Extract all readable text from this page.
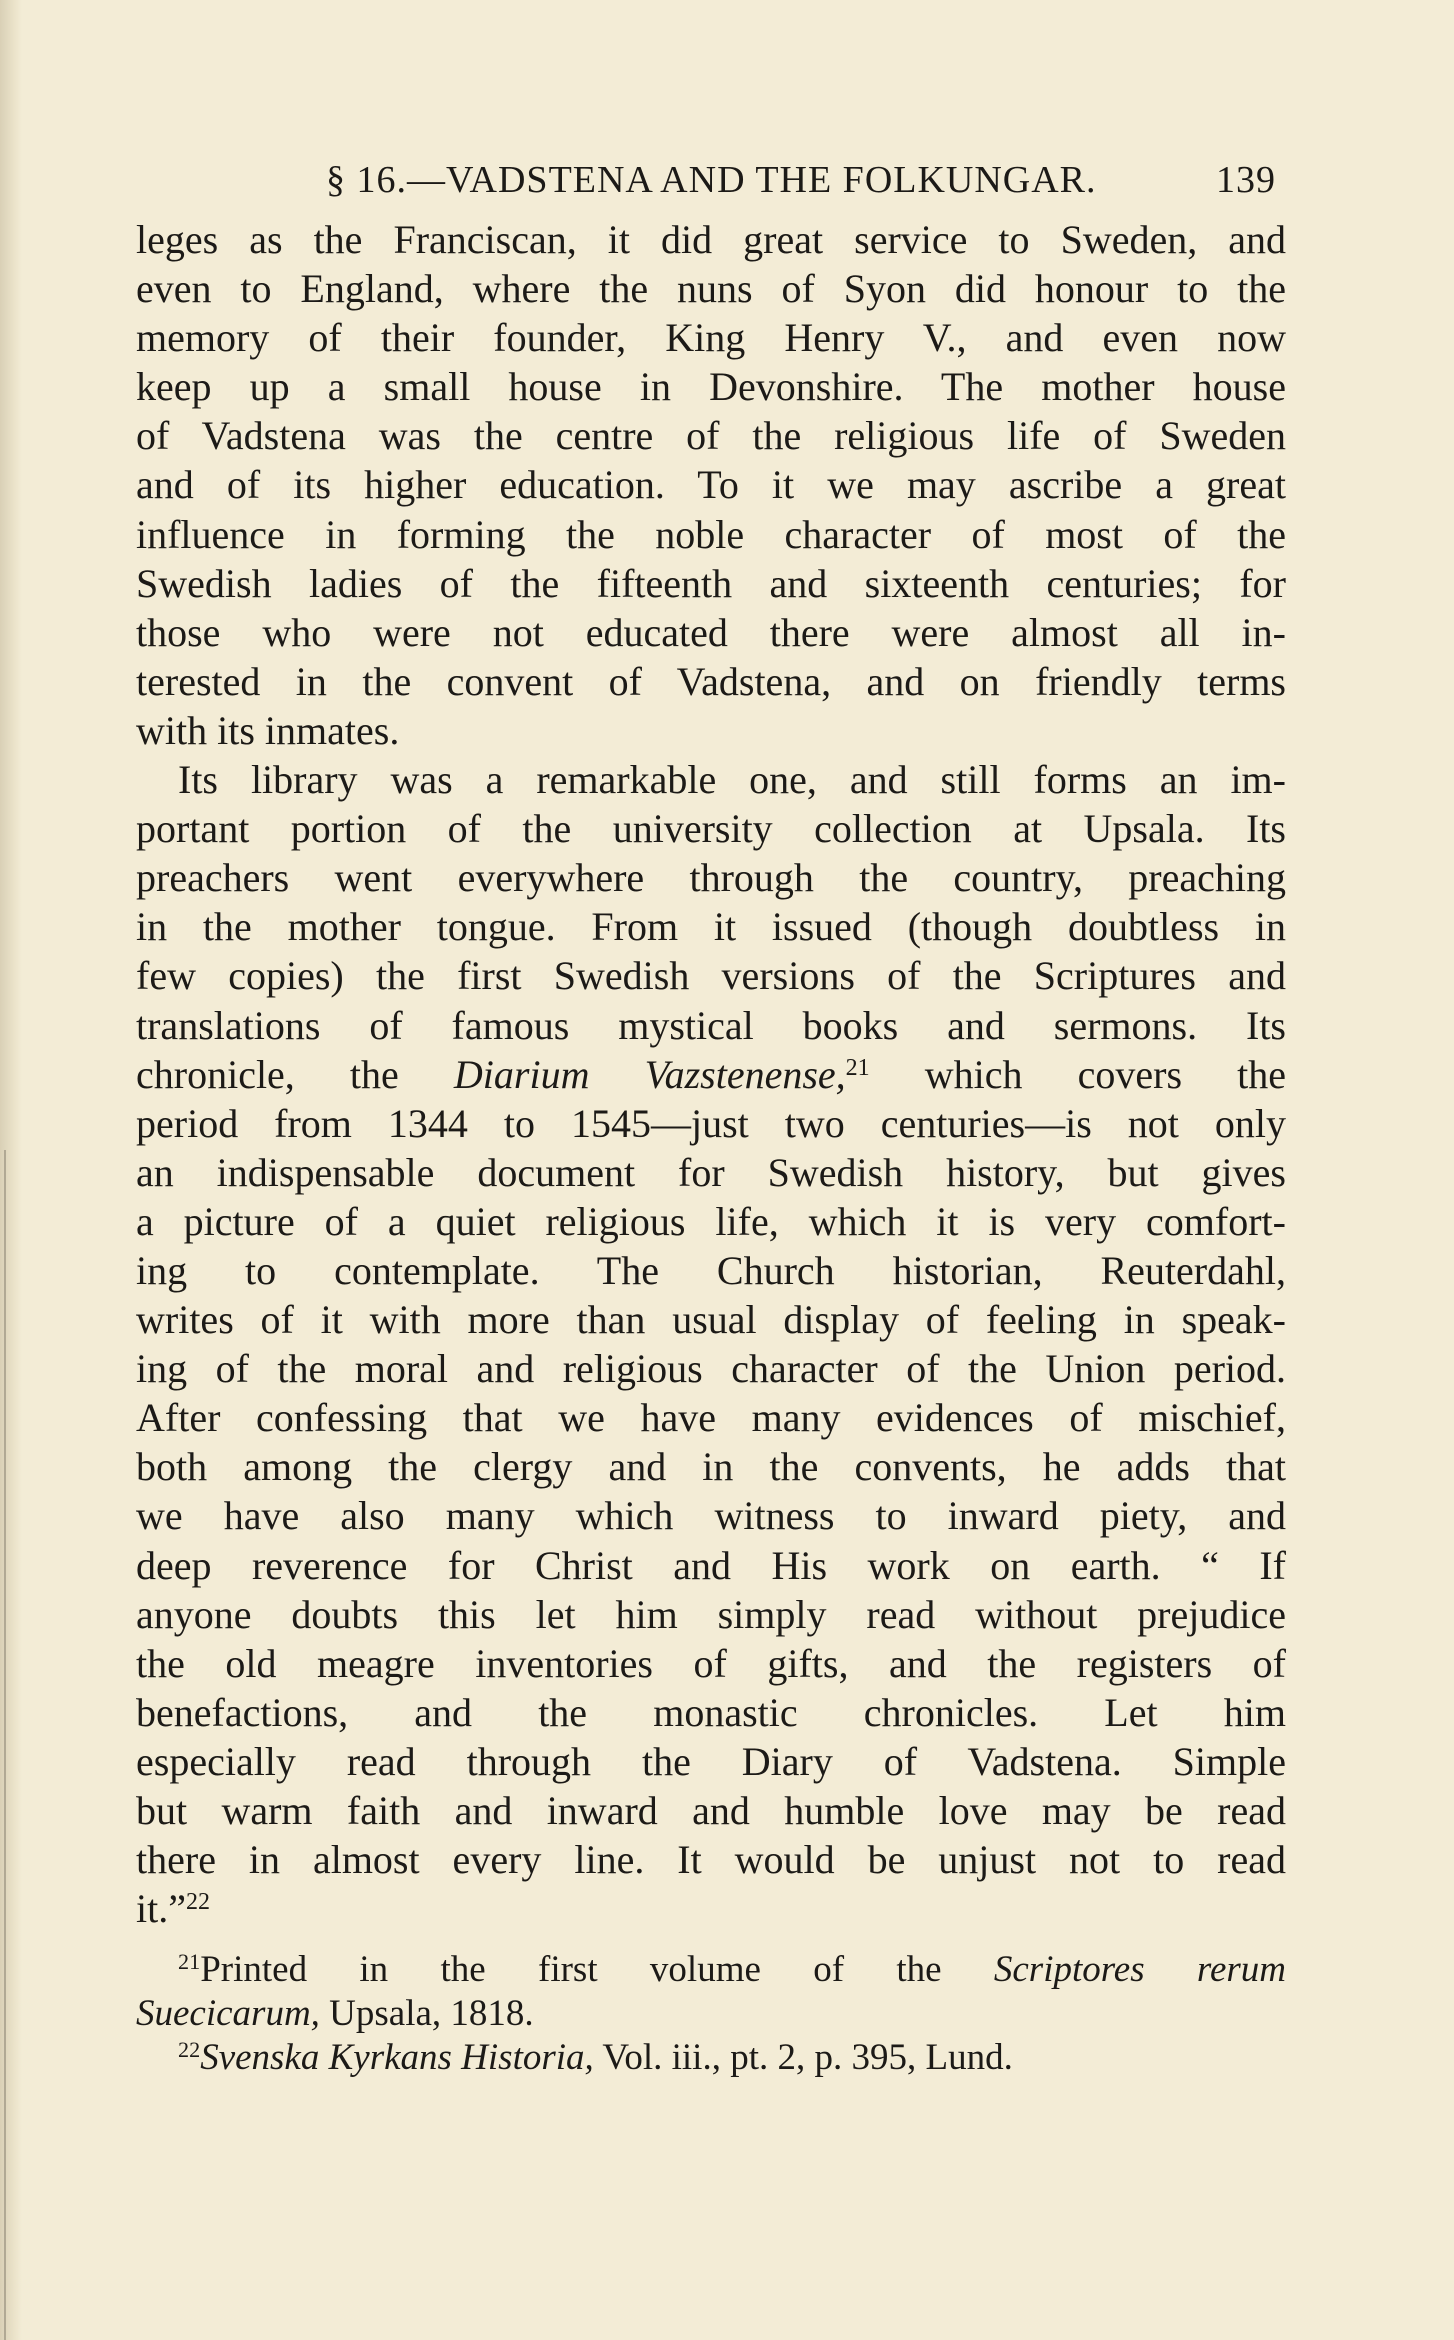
§ 16.—VADSTENA AND THE FOLKUNGAR.	139
leges as the Franciscan, it did great service to Sweden, and
even to England, where the nuns of Syon did honour to the
memory of their founder, King Henry V., and even now
keep up a small house in Devonshire. The mother house
of Vadstena was the centre of the religious life of Sweden
and of its higher education. To it we may ascribe a great
influence in forming the noble character of most of the
Swedish ladies of the fifteenth and sixteenth centuries; for
those who were not educated there were almost all in-
terested in the convent of Vadstena, and on friendly terms
with its inmates.
Its library was a remarkable one, and still forms an im-
portant portion of the university collection at Upsala. Its
preachers went everywhere through the country, preaching
in the mother tongue. From it issued (though doubtless in
few copies) the first Swedish versions of the Scriptures and
translations of famous mystical books and sermons. Its
chronicle, the Diarium Vazstenense,$^{21}$ which covers the
period from 1344 to 1545—just two centuries—is not only
an indispensable document for Swedish history, but gives
a picture of a quiet religious life, which it is very comfort-
ing to contemplate. The Church historian, Reuterdahl,
writes of it with more than usual display of feeling in speak-
ing of the moral and religious character of the Union period.
After confessing that we have many evidences of mischief,
both among the clergy and in the convents, he adds that
we have also many which witness to inward piety, and
deep reverence for Christ and His work on earth. “ If
anyone doubts this let him simply read without prejudice
the old meagre inventories of gifts, and the registers of
benefactions, and the monastic chronicles. Let him
especially read through the Diary of Vadstena. Simple
but warm faith and inward and humble love may be read
there in almost every line. It would be unjust not to read
it.”$^{22}$
$^{21}$Printed in the first volume of the Scriptores rerum
Suecicarum, Upsala, 1818.
$^{22}$Svenska Kyrkans Historia, Vol. iii., pt. 2, p. 395, Lund.
